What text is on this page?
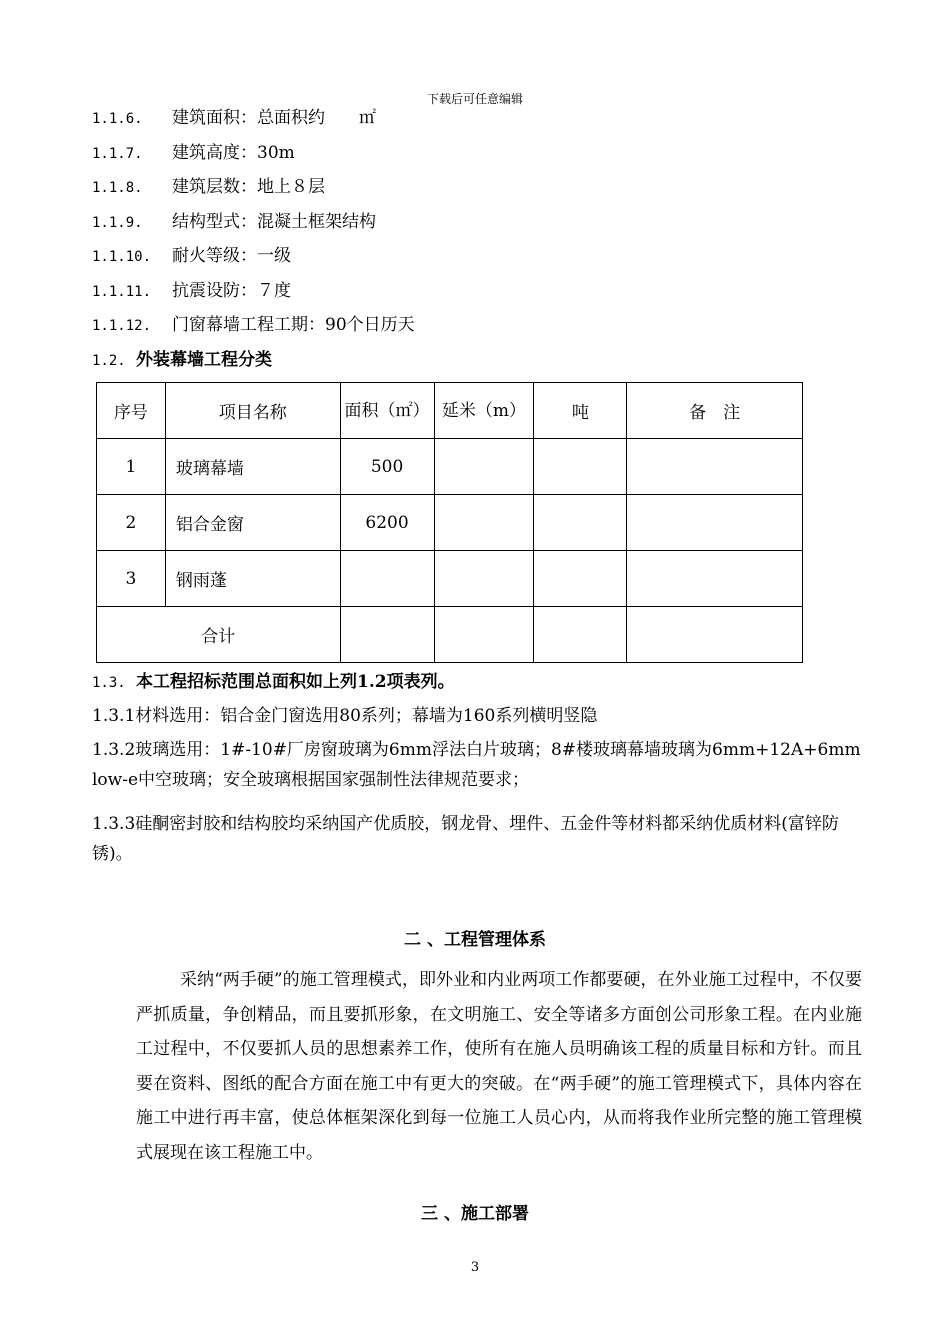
下载后可任意编辑
1.1.6. 建筑面积：总面积约　　㎡
1.1.7. 建筑高度：30m
1.1.8. 建筑层数：地上８层
1.1.9. 结构型式：混凝土框架结构
1.1.10. 耐火等级：一级
1.1.11. 抗震设防：７度
1.1.12. 门窗幕墙工程工期：90个日历天
1.2. 外装幕墙工程分类
序号	项目名称	面积（㎡）	延米（m）	吨	备　注
1	玻璃幕墙	500			
2	铝合金窗	6200			
3	钢雨蓬				
合计					
1.3. 本工程招标范围总面积如上列1.2项表列。
1.3.1材料选用：铝合金门窗选用80系列；幕墙为160系列横明竖隐
1.3.2玻璃选用：1#-10#厂房窗玻璃为6mm浮法白片玻璃；8#楼玻璃幕墙玻璃为6mm+12A+6mm low-e中空玻璃；安全玻璃根据国家强制性法律规范要求；
1.3.3硅酮密封胶和结构胶均采纳国产优质胶，钢龙骨、埋件、五金件等材料都采纳优质材料(富锌防锈)。
二 、工程管理体系
采纳“两手硬”的施工管理模式，即外业和内业两项工作都要硬，在外业施工过程中，不仅要严抓质量，争创精品，而且要抓形象，在文明施工、安全等诸多方面创公司形象工程。在内业施工过程中，不仅要抓人员的思想素养工作，使所有在施人员明确该工程的质量目标和方针。而且要在资料、图纸的配合方面在施工中有更大的突破。在“两手硬”的施工管理模式下，具体内容在施工中进行再丰富，使总体框架深化到每一位施工人员心内，从而将我作业所完整的施工管理模式展现在该工程施工中。
三 、施工部署
3
